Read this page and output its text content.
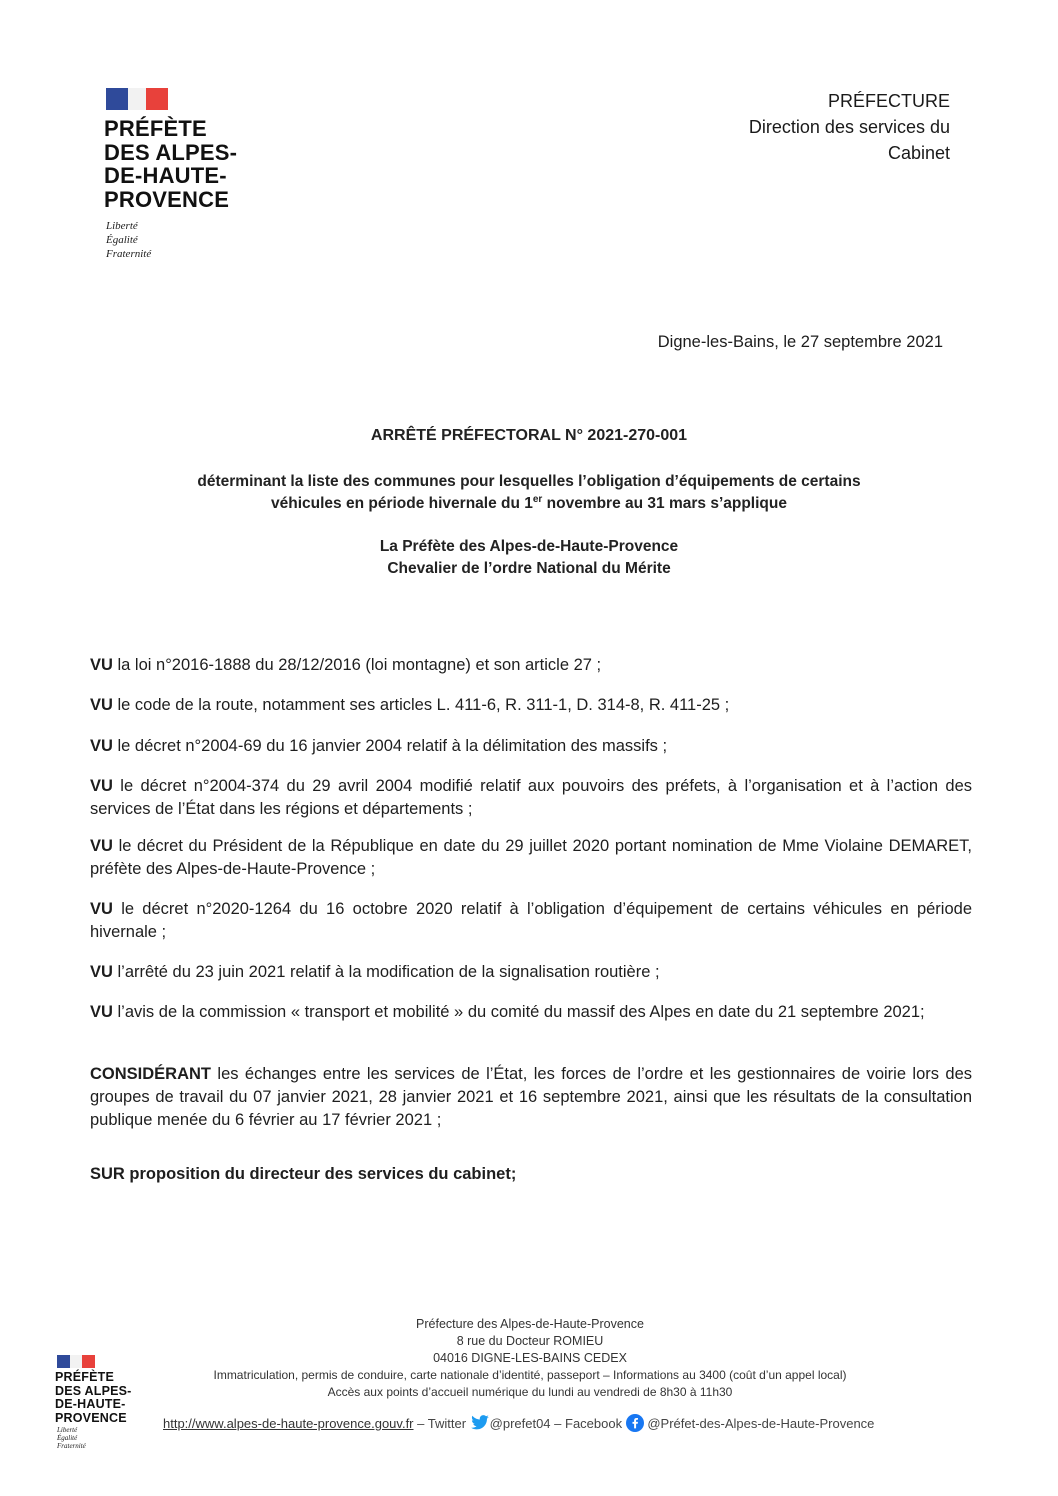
PRÉFÈTE
DES ALPES-
DE-HAUTE-
PROVENCE
Liberté
Égalité
Fraternité
PRÉFECTURE
Direction des services du
Cabinet
Digne-les-Bains, le 27 septembre 2021
ARRÊTÉ PRÉFECTORAL N° 2021-270-001
déterminant la liste des communes pour lesquelles l’obligation d’équipements de certains
véhicules en période hivernale du 1er novembre au 31 mars s’applique
La Préfète des Alpes-de-Haute-Provence
Chevalier de l’ordre National du Mérite
VU la loi n°2016-1888 du 28/12/2016 (loi montagne) et son article 27 ;
VU le code de la route, notamment ses articles L. 411-6, R. 311-1, D. 314-8, R. 411-25 ;
VU le décret n°2004-69 du 16 janvier 2004 relatif à la délimitation des massifs ;
VU le décret n°2004-374 du 29 avril 2004 modifié relatif aux pouvoirs des préfets, à l’organisation et à l’action des services de l’État dans les régions et départements ;
VU le décret du Président de la République en date du 29 juillet 2020 portant nomination de Mme Violaine DEMARET, préfète des Alpes-de-Haute-Provence ;
VU le décret n°2020-1264 du 16 octobre 2020 relatif à l’obligation d’équipement de certains véhicules en période hivernale ;
VU l’arrêté du 23 juin 2021 relatif à la modification de la signalisation routière ;
VU l’avis de la commission « transport et mobilité » du comité du massif des Alpes en date du 21 septembre 2021;
CONSIDÉRANT les échanges entre les services de l’État, les forces de l’ordre et les gestionnaires de voirie lors des groupes de travail du 07 janvier 2021, 28 janvier 2021 et 16 septembre 2021, ainsi que les résultats de la consultation publique menée du 6 février au 17 février 2021 ;
SUR proposition du directeur des services du cabinet;
PRÉFÈTE
DES ALPES-
DE-HAUTE-
PROVENCE
Liberté
Égalité
Fraternité
Préfecture des Alpes-de-Haute-Provence
8 rue du Docteur ROMIEU
04016 DIGNE-LES-BAINS CEDEX
Immatriculation, permis de conduire, carte nationale d’identité, passeport – Informations au 3400 (coût d’un appel local)
Accès aux points d’accueil numérique du lundi au vendredi de 8h30 à 11h30
http://www.alpes-de-haute-provence.gouv.fr – Twitter @prefet04 – Facebook  @Préfet-des-Alpes-de-Haute-Provence
